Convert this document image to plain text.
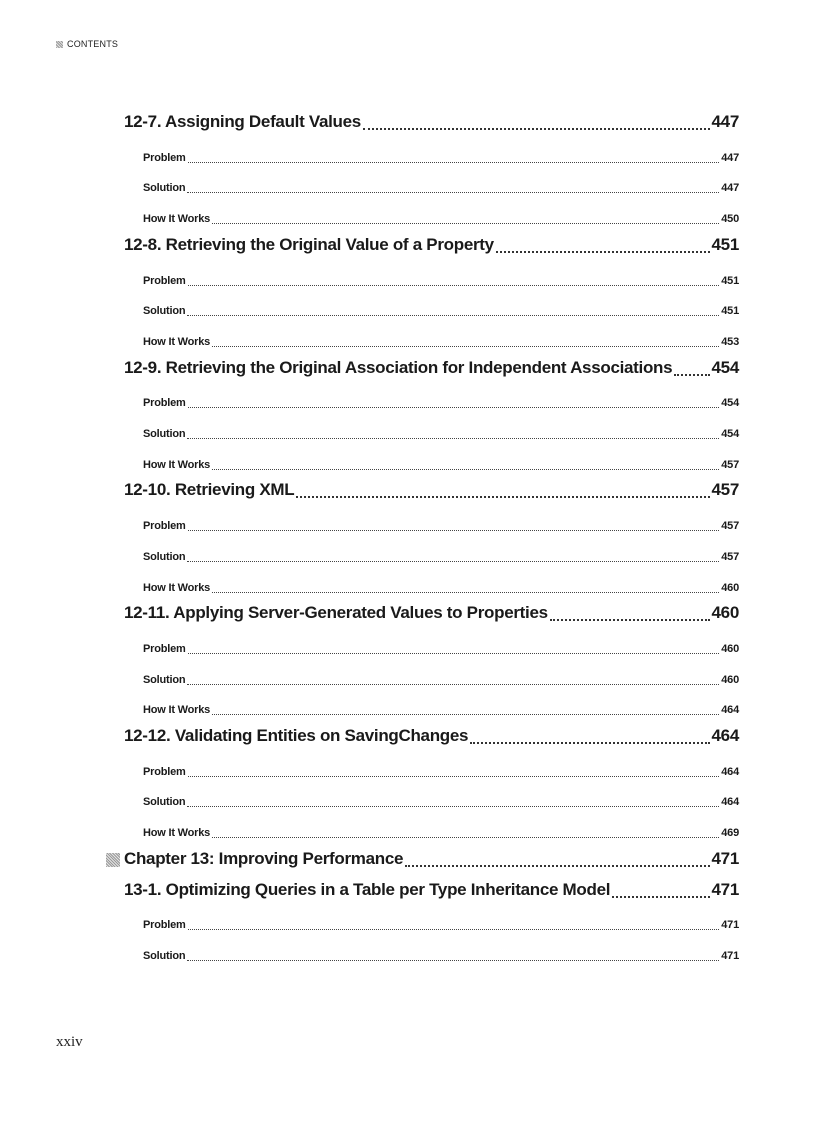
CONTENTS
12-7. Assigning Default Values	447
Problem	447
Solution	447
How It Works	450
12-8. Retrieving the Original Value of a Property	451
Problem	451
Solution	451
How It Works	453
12-9. Retrieving the Original Association for Independent Associations 454
Problem	454
Solution	454
How It Works	457
12-10. Retrieving XML	457
Problem	457
Solution	457
How It Works	460
12-11. Applying Server-Generated Values to Properties	460
Problem	460
Solution	460
How It Works	464
12-12. Validating Entities on SavingChanges	464
Problem	464
Solution	464
How It Works	469
Chapter 13: Improving Performance	471
13-1. Optimizing Queries in a Table per Type Inheritance Model	471
Problem	471
Solution	471
xxiv
